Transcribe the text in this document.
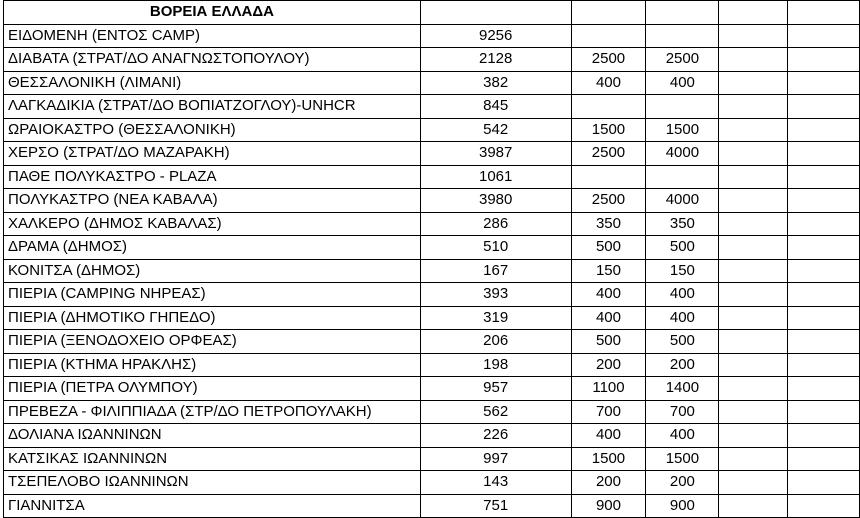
ΒΟΡΕΙΑ ΕΛΛΑΔΑ					
ΕΙΔΟΜΕΝΗ (ΕΝΤΟΣ CAMP)	9256				
ΔΙΑΒΑΤΑ (ΣΤΡΑΤ/ΔΟ ΑΝΑΓΝΩΣΤΟΠΟΥΛΟΥ)	2128	2500	2500		
ΘΕΣΣΑΛΟΝΙΚΗ (ΛΙΜΑΝΙ)	382	400	400		
ΛΑΓΚΑΔΙΚΙΑ (ΣΤΡΑΤ/ΔΟ ΒΟΠΙΑΤΖΟΓΛΟΥ)-UNHCR	845				
ΩΡΑΙΟΚΑΣΤΡΟ (ΘΕΣΣΑΛΟΝΙΚΗ)	542	1500	1500		
ΧΕΡΣΟ (ΣΤΡΑΤ/ΔΟ ΜΑΖΑΡΑΚΗ)	3987	2500	4000		
ΠΑΘΕ ΠΟΛΥΚΑΣΤΡΟ - PLAZA	1061				
ΠΟΛΥΚΑΣΤΡΟ (ΝΕΑ ΚΑΒΑΛΑ)	3980	2500	4000		
ΧΑΛΚΕΡΟ (ΔΗΜΟΣ ΚΑΒΑΛΑΣ)	286	350	350		
ΔΡΑΜΑ (ΔΗΜΟΣ)	510	500	500		
ΚΟΝΙΤΣΑ (ΔΗΜΟΣ)	167	150	150		
ΠΙΕΡΙΑ (CAMPING ΝΗΡΕΑΣ)	393	400	400		
ΠΙΕΡΙΑ (ΔΗΜΟΤΙΚΟ ΓΗΠΕΔΟ)	319	400	400		
ΠΙΕΡΙΑ (ΞΕΝΟΔΟΧΕΙΟ ΟΡΦΕΑΣ)	206	500	500		
ΠΙΕΡΙΑ (ΚΤΗΜΑ ΗΡΑΚΛΗΣ)	198	200	200		
ΠΙΕΡΙΑ (ΠΕΤΡΑ ΟΛΥΜΠΟΥ)	957	1100	1400		
ΠΡΕΒΕΖΑ - ΦΙΛΙΠΠΙΑΔΑ (ΣΤΡ/ΔΟ ΠΕΤΡΟΠΟΥΛΑΚΗ)	562	700	700		
ΔΟΛΙΑΝΑ ΙΩΑΝΝΙΝΩΝ	226	400	400		
ΚΑΤΣΙΚΑΣ ΙΩΑΝΝΙΝΩΝ	997	1500	1500		
ΤΣΕΠΕΛΟΒΟ ΙΩΑΝΝΙΝΩΝ	143	200	200		
ΓΙΑΝΝΙΤΣΑ	751	900	900		
